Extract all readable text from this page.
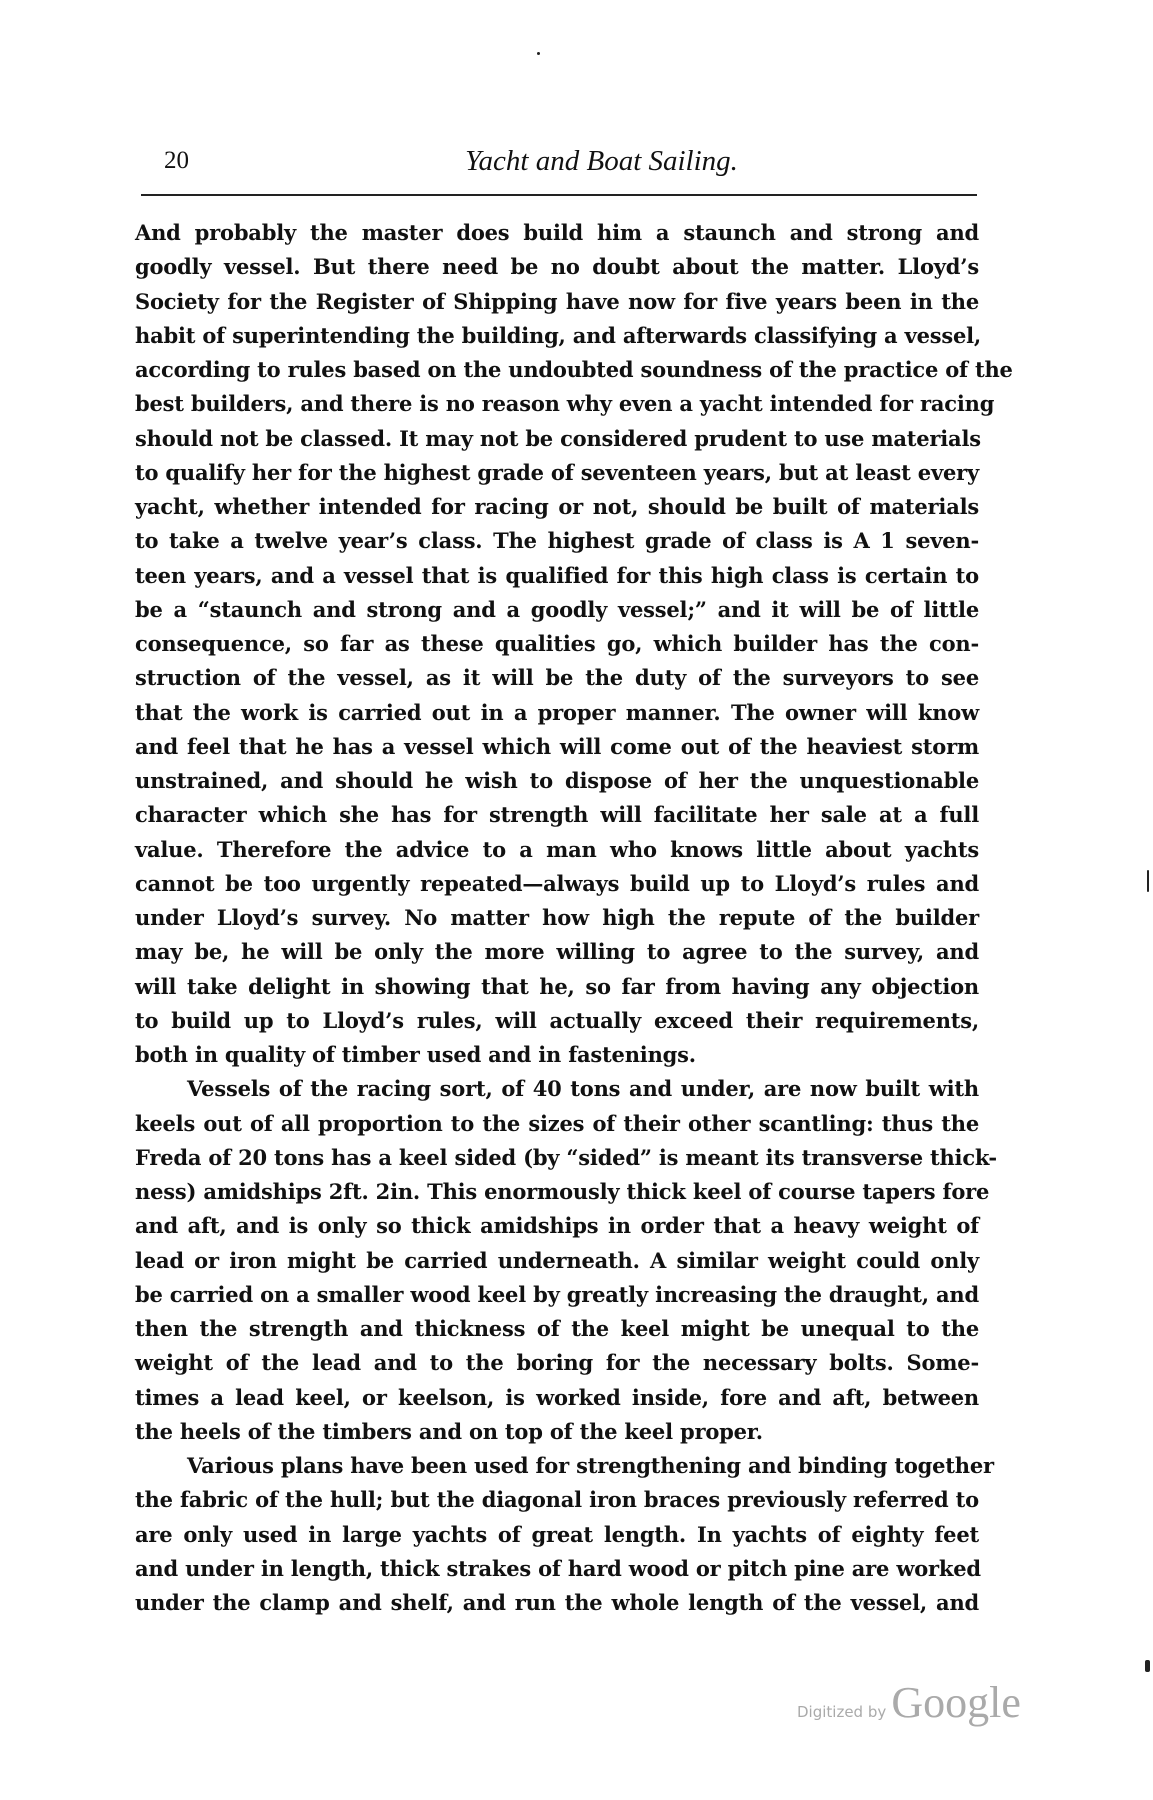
20	Yacht and Boat Sailing.
And probably the master does build him a staunch and strong and
goodly vessel. But there need be no doubt about the matter. Lloyd’s
Society for the Register of Shipping have now for five years been in the
habit of superintending the building, and afterwards classifying a vessel,
according to rules based on the undoubted soundness of the practice of the
best builders, and there is no reason why even a yacht intended for racing
should not be classed. It may not be considered prudent to use materials
to qualify her for the highest grade of seventeen years, but at least every
yacht, whether intended for racing or not, should be built of materials
to take a twelve year’s class. The highest grade of class is A 1 seven-
teen years, and a vessel that is qualified for this high class is certain to
be a “staunch and strong and a goodly vessel;” and it will be of little
consequence, so far as these qualities go, which builder has the con-
struction of the vessel, as it will be the duty of the surveyors to see
that the work is carried out in a proper manner. The owner will know
and feel that he has a vessel which will come out of the heaviest storm
unstrained, and should he wish to dispose of her the unquestionable
character which she has for strength will facilitate her sale at a full
value. Therefore the advice to a man who knows little about yachts
cannot be too urgently repeated—always build up to Lloyd’s rules and
under Lloyd’s survey. No matter how high the repute of the builder
may be, he will be only the more willing to agree to the survey, and
will take delight in showing that he, so far from having any objection
to build up to Lloyd’s rules, will actually exceed their requirements,
both in quality of timber used and in fastenings.
Vessels of the racing sort, of 40 tons and under, are now built with
keels out of all proportion to the sizes of their other scantling: thus the
Freda of 20 tons has a keel sided (by “sided” is meant its transverse thick-
ness) amidships 2ft. 2in. This enormously thick keel of course tapers fore
and aft, and is only so thick amidships in order that a heavy weight of
lead or iron might be carried underneath. A similar weight could only
be carried on a smaller wood keel by greatly increasing the draught, and
then the strength and thickness of the keel might be unequal to the
weight of the lead and to the boring for the necessary bolts. Some-
times a lead keel, or keelson, is worked inside, fore and aft, between
the heels of the timbers and on top of the keel proper.
Various plans have been used for strengthening and binding together
the fabric of the hull; but the diagonal iron braces previously referred to
are only used in large yachts of great length. In yachts of eighty feet
and under in length, thick strakes of hard wood or pitch pine are worked
under the clamp and shelf, and run the whole length of the vessel, and
Digitized by Google
